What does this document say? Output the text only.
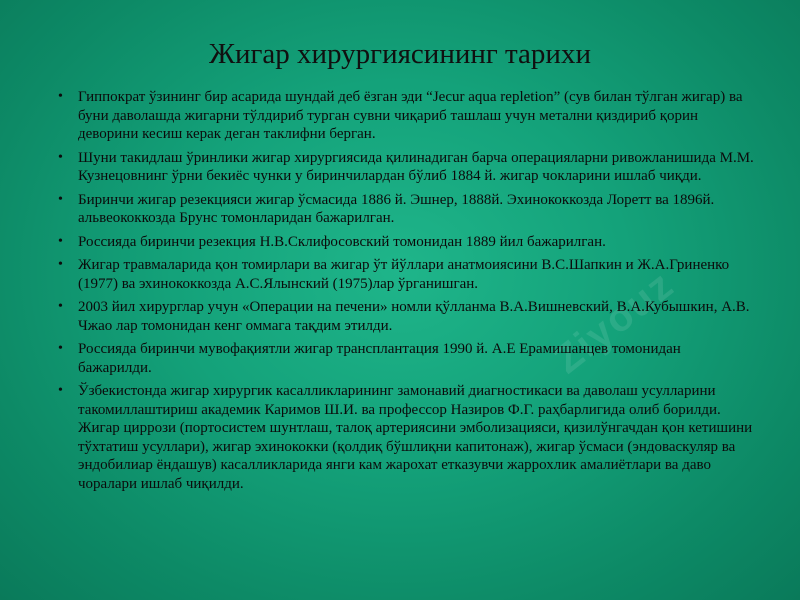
Ziyouz
Жигар хирургиясининг тарихи
• Гиппократ ўзининг бир асарида шундай деб ёзган эди “Jecur aqua repletion” (сув билан тўлган жигар) ва буни даволашда жигарни тўлдириб турган сувни чиқариб ташлаш учун метални қиздириб қорин деворини кесиш керак деган таклифни берган.
• Шуни такидлаш ўринлики жигар хирургиясида қилинадиган барча операцияларни ривожланишида М.М. Кузнецовнинг ўрни бекиёс чунки у биринчилардан бўлиб 1884 й. жигар чокларини ишлаб чиқди.
• Биринчи жигар резекцияси жигар ўсмасида 1886 й. Эшнер, 1888й. Эхинококкозда Лоретт ва 1896й. альвеококкозда Брунс томонларидан бажарилган.
• Россияда биринчи резекция Н.В.Склифосовский томонидан 1889 йил бажарилган.
• Жигар травмаларида қон томирлари ва жигар ўт йўллари анатмоиясини В.С.Шапкин и Ж.А.Гриненко (1977) ва эхинококкозда А.С.Ялынский (1975)лар ўрганишган.
• 2003 йил хирурглар учун «Операции на печени» номли қўлланма В.А.Вишневский, В.А.Кубышкин, А.В. Чжао лар томонидан кенг оммага тақдим этилди.
• Россияда биринчи мувофақиятли жигар трансплантация 1990 й. А.Е Ерамишанцев томонидан бажарилди.
• Ўзбекистонда жигар хирургик касалликларининг замонавий диагностикаси ва даволаш усулларини такомиллаштириш академик Каримов Ш.И. ва профессор Назиров Ф.Г. раҳбарлигида олиб борилди. Жигар циррози (портосистем шунтлаш, талоқ артериясини эмболизацияси, қизилўнгачдан қон кетишини тўхтатиш усуллари), жигар эхинококки (қолдиқ бўшлиқни капитонаж), жигар ўсмаси (эндоваскуляр ва эндобилиар ёндашув) касалликларида янги кам жарохат етказувчи жаррохлик амалиётлари ва даво чоралари ишлаб чиқилди.
